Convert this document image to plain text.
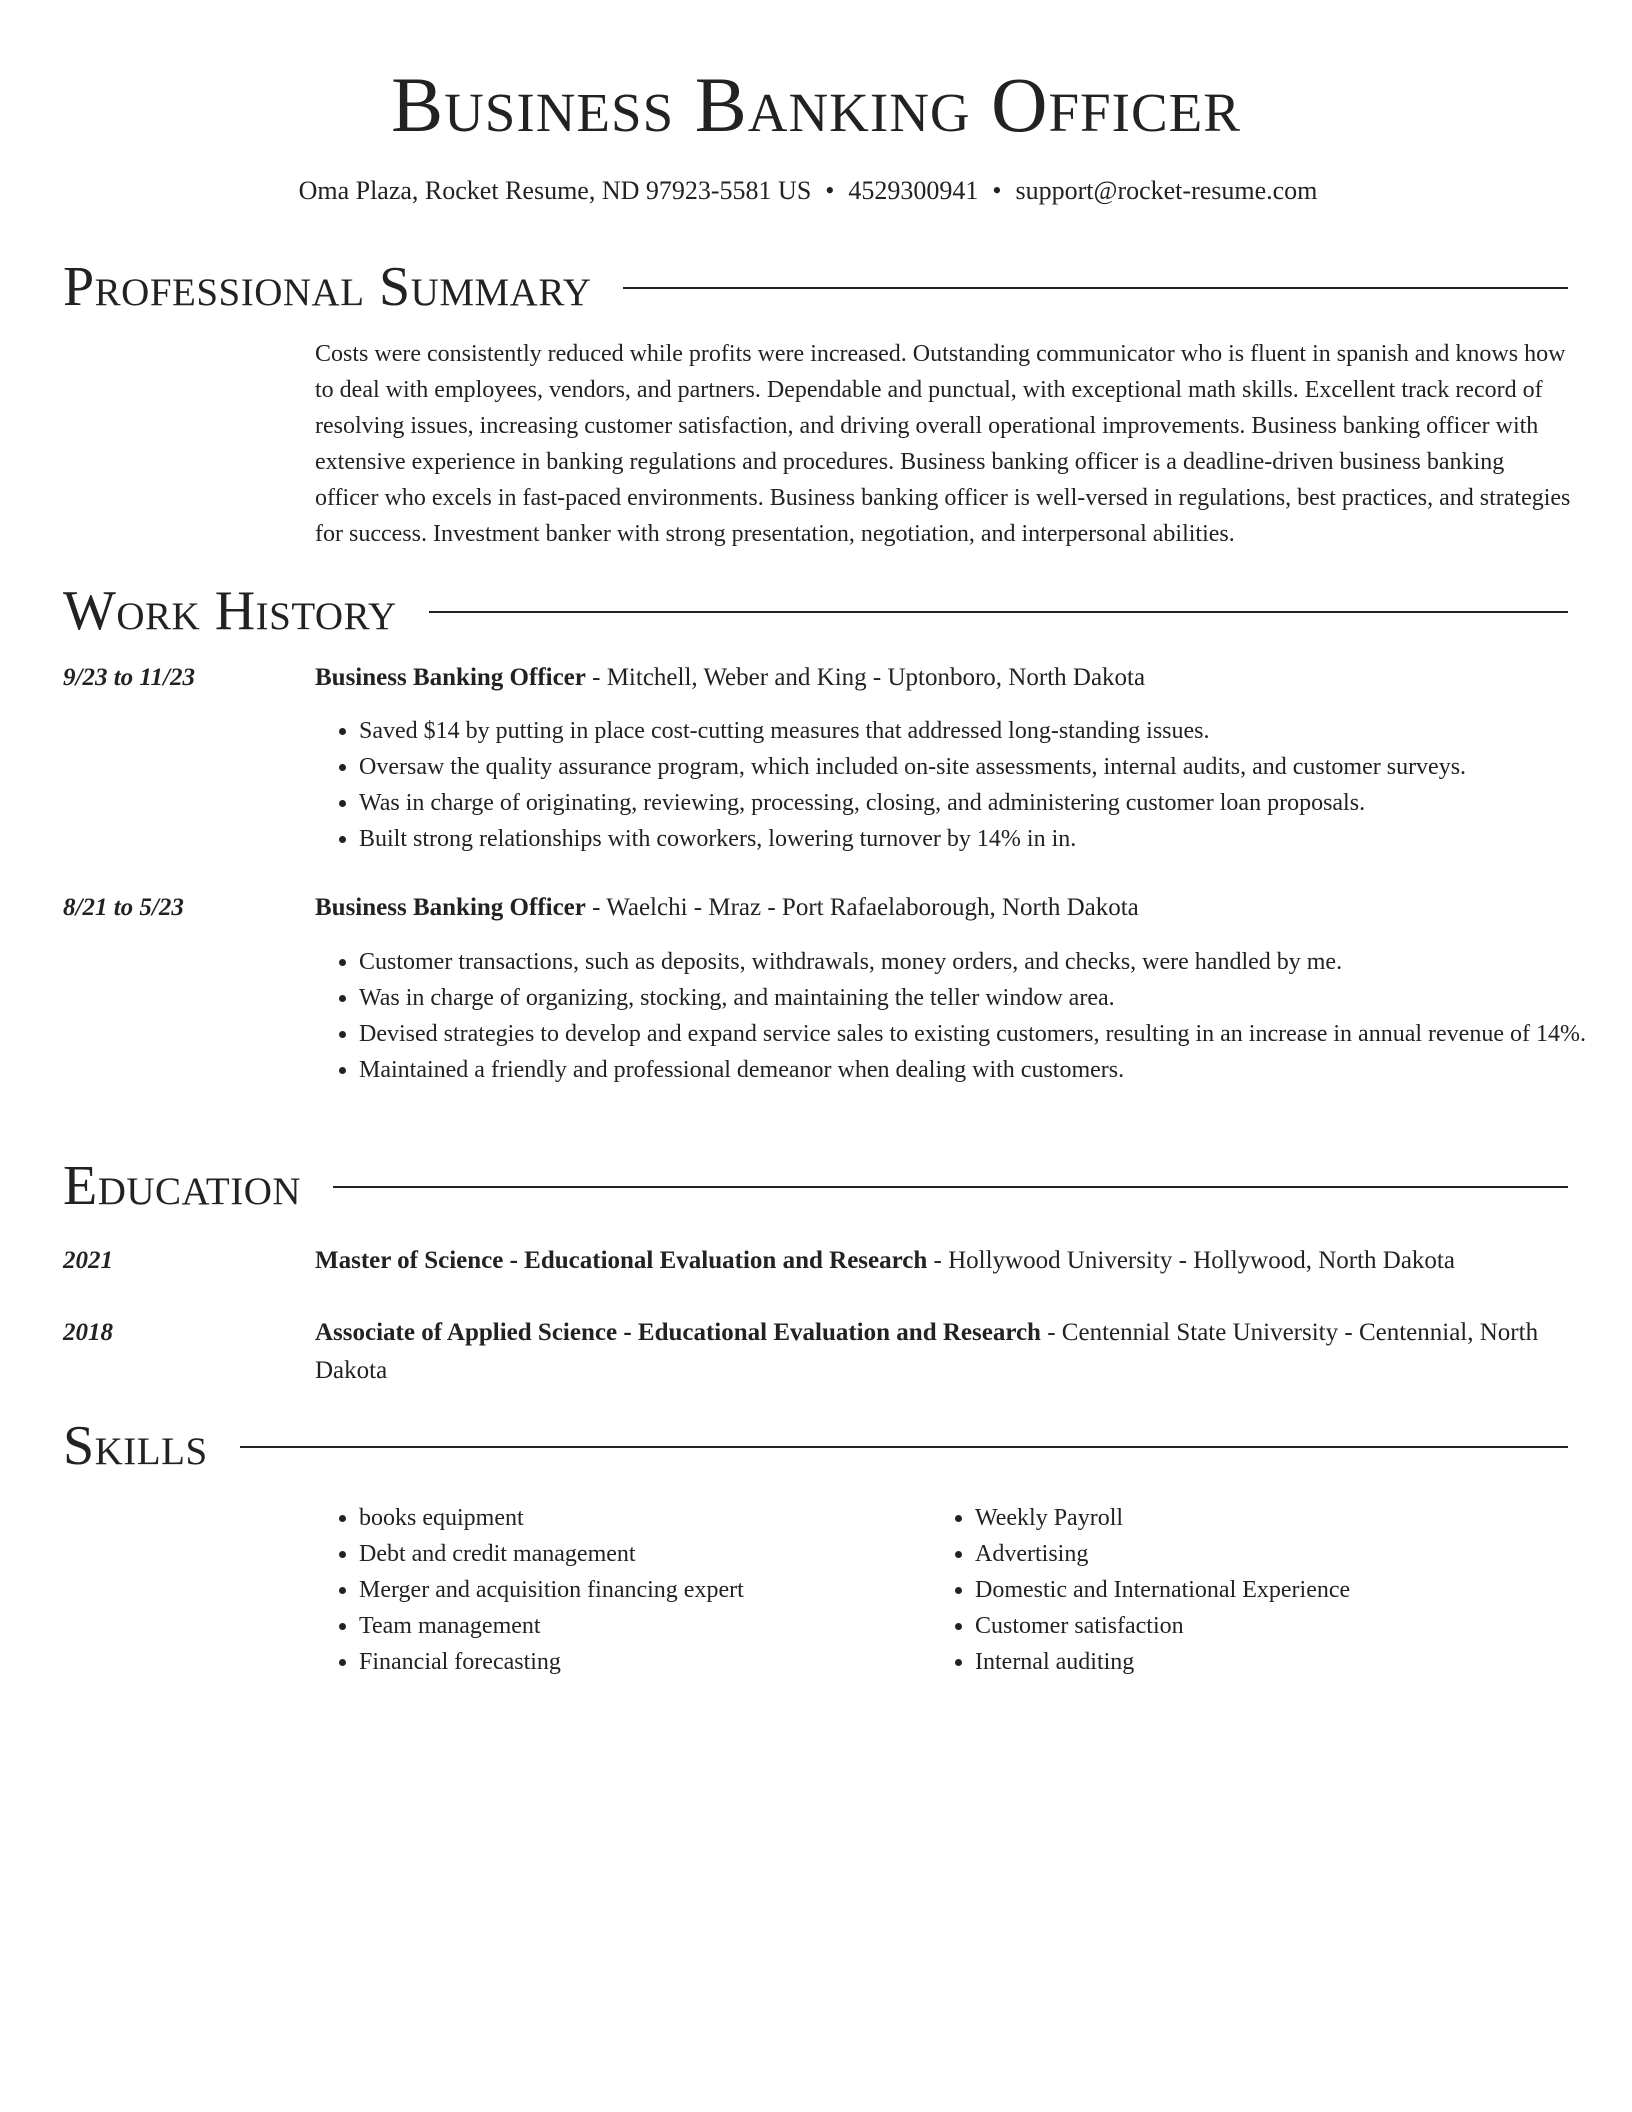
Business Banking Officer
Oma Plaza, Rocket Resume, ND 97923-5581 US • 4529300941 • support@rocket-resume.com
Professional Summary
Costs were consistently reduced while profits were increased. Outstanding communicator who is fluent in spanish and knows how to deal with employees, vendors, and partners. Dependable and punctual, with exceptional math skills. Excellent track record of resolving issues, increasing customer satisfaction, and driving overall operational improvements. Business banking officer with extensive experience in banking regulations and procedures. Business banking officer is a deadline-driven business banking officer who excels in fast-paced environments. Business banking officer is well-versed in regulations, best practices, and strategies for success. Investment banker with strong presentation, negotiation, and interpersonal abilities.
Work History
9/23 to 11/23	Business Banking Officer - Mitchell, Weber and King - Uptonboro, North Dakota
• Saved $14 by putting in place cost-cutting measures that addressed long-standing issues.
• Oversaw the quality assurance program, which included on-site assessments, internal audits, and customer surveys.
• Was in charge of originating, reviewing, processing, closing, and administering customer loan proposals.
• Built strong relationships with coworkers, lowering turnover by 14% in in.
8/21 to 5/23	Business Banking Officer - Waelchi - Mraz - Port Rafaelaborough, North Dakota
• Customer transactions, such as deposits, withdrawals, money orders, and checks, were handled by me.
• Was in charge of organizing, stocking, and maintaining the teller window area.
• Devised strategies to develop and expand service sales to existing customers, resulting in an increase in annual revenue of 14%.
• Maintained a friendly and professional demeanor when dealing with customers.
Education
2021	Master of Science - Educational Evaluation and Research - Hollywood University - Hollywood, North Dakota
2018	Associate of Applied Science - Educational Evaluation and Research - Centennial State University - Centennial, North Dakota
Skills
• books equipment
• Debt and credit management
• Merger and acquisition financing expert
• Team management
• Financial forecasting
• Weekly Payroll
• Advertising
• Domestic and International Experience
• Customer satisfaction
• Internal auditing
